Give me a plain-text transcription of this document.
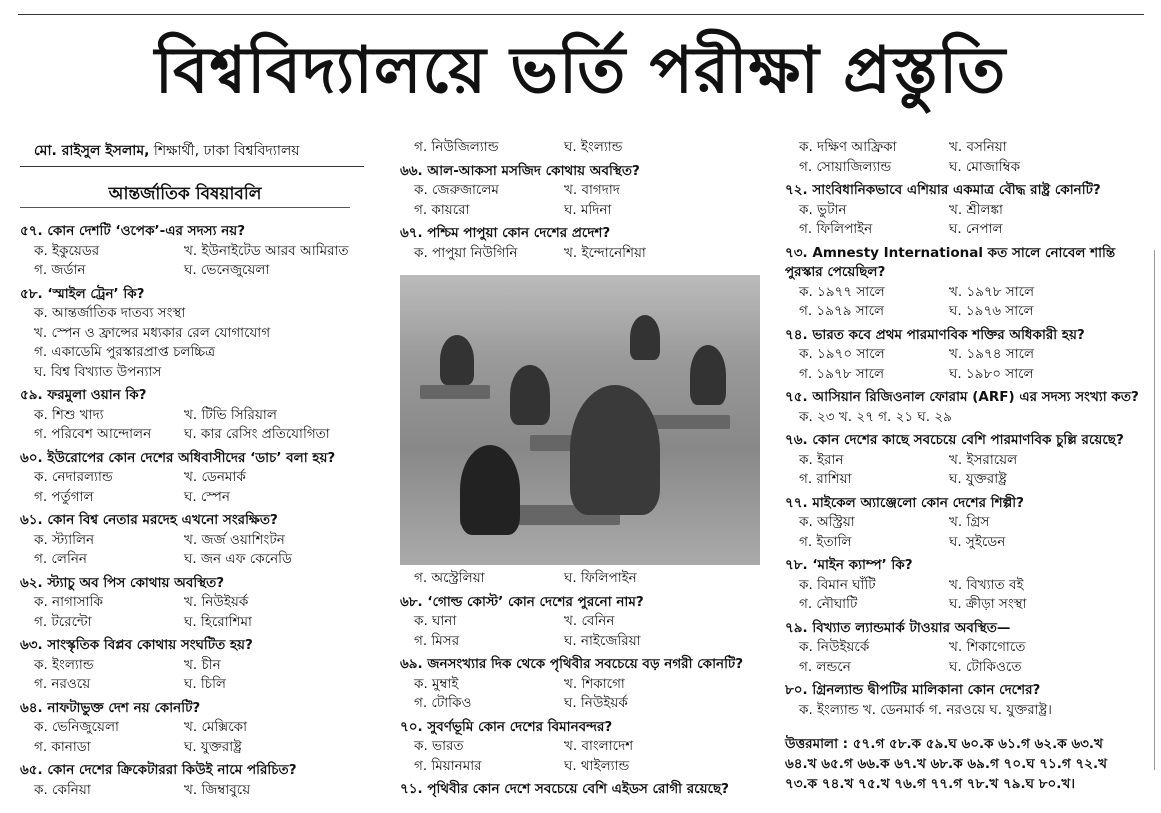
বিশ্ববিদ্যালয়ে ভর্তি পরীক্ষা প্রস্তুতি
মো. রাইসুল ইসলাম, শিক্ষার্থী, ঢাকা বিশ্ববিদ্যালয়
আন্তর্জাতিক বিষয়াবলি
৫৭. কোন দেশটি ‘ওপেক’-এর সদস্য নয়?
ক. ইকুয়েডর	খ. ইউনাইটেড আরব আমিরাত
গ. জর্ডান	ঘ. ভেনেজুয়েলা
৫৮. ‘স্মাইল ট্রেন’ কি?
ক. আন্তর্জাতিক দাতব্য সংস্থা
খ. স্পেন ও ফ্রান্সের মধ্যকার রেল যোগাযোগ
গ. একাডেমি পুরস্কারপ্রাপ্ত চলচ্চিত্র
ঘ. বিশ্ব বিখ্যাত উপন্যাস
৫৯. ফরমুলা ওয়ান কি?
ক. শিশু খাদ্য	খ. টিভি সিরিয়াল
গ. পরিবেশ আন্দোলন	ঘ. কার রেসিং প্রতিযোগিতা
৬০. ইউরোপের কোন দেশের অধিবাসীদের ‘ডাচ’ বলা হয়?
ক. নেদারল্যান্ড	খ. ডেনমার্ক
গ. পর্তুগাল	ঘ. স্পেন
৬১. কোন বিশ্ব নেতার মরদেহ এখনো সংরক্ষিত?
ক. স্ট্যালিন	খ. জর্জ ওয়াশিংটন
গ. লেনিন	ঘ. জন এফ কেনেডি
৬২. স্ট্যাচু অব পিস কোথায় অবস্থিত?
ক. নাগাসাকি	খ. নিউইয়র্ক
গ. টরেন্টো	ঘ. হিরোশিমা
৬৩. সাংস্কৃতিক বিপ্লব কোথায় সংঘটিত হয়?
ক. ইংল্যান্ড	খ. চীন
গ. নরওয়ে	ঘ. চিলি
৬৪. নাফটাভুক্ত দেশ নয় কোনটি?
ক. ভেনিজুয়েলা	খ. মেক্সিকো
গ. কানাডা	ঘ. যুক্তরাষ্ট্র
৬৫. কোন দেশের ক্রিকেটাররা কিউই নামে পরিচিত?
ক. কেনিয়া	খ. জিম্বাবুয়ে
গ. নিউজিল্যান্ড	ঘ. ইংল্যান্ড
৬৬. আল-আকসা মসজিদ কোথায় অবস্থিত?
ক. জেরুজালেম	খ. বাগদাদ
গ. কায়রো	ঘ. মদিনা
৬৭. পশ্চিম পাপুয়া কোন দেশের প্রদেশ?
ক. পাপুয়া নিউগিনি	খ. ইন্দোনেশিয়া
গ. অস্ট্রেলিয়া	ঘ. ফিলিপাইন
৬৮. ‘গোল্ড কোস্ট’ কোন দেশের পুরনো নাম?
ক. ঘানা	খ. বেনিন
গ. মিসর	ঘ. নাইজেরিয়া
৬৯. জনসংখ্যার দিক থেকে পৃথিবীর সবচেয়ে বড় নগরী কোনটি?
ক. মুম্বাই	খ. শিকাগো
গ. টোকিও	ঘ. নিউইয়র্ক
৭০. সুবর্ণভূমি কোন দেশের বিমানবন্দর?
ক. ভারত	খ. বাংলাদেশ
গ. মিয়ানমার	ঘ. থাইল্যান্ড
৭১. পৃথিবীর কোন দেশে সবচেয়ে বেশি এইডস রোগী রয়েছে?
ক. দক্ষিণ আফ্রিকা	খ. বসনিয়া
গ. সোয়াজিল্যান্ড	ঘ. মোজাম্বিক
৭২. সাংবিধানিকভাবে এশিয়ার একমাত্র বৌদ্ধ রাষ্ট্র কোনটি?
ক. ভুটান	খ. শ্রীলঙ্কা
গ. ফিলিপাইন	ঘ. নেপাল
৭৩. Amnesty International কত সালে নোবেল শান্তি পুরস্কার পেয়েছিল?
ক. ১৯৭৭ সালে	খ. ১৯৭৮ সালে
গ. ১৯৭৯ সালে	ঘ. ১৯৭৬ সালে
৭৪. ভারত কবে প্রথম পারমাণবিক শক্তির অধিকারী হয়?
ক. ১৯৭০ সালে	খ. ১৯৭৪ সালে
গ. ১৯৭৮ সালে	ঘ. ১৯৮০ সালে
৭৫. আসিয়ান রিজিওনাল ফোরাম (ARF) এর সদস্য সংখ্যা কত?
ক. ২৩ খ. ২৭ গ. ২১ ঘ. ২৯
৭৬. কোন দেশের কাছে সবচেয়ে বেশি পারমাণবিক চুল্লি রয়েছে?
ক. ইরান	খ. ইসরায়েল
গ. রাশিয়া	ঘ. যুক্তরাষ্ট্র
৭৭. মাইকেল অ্যাঞ্জেলো কোন দেশের শিল্পী?
ক. অস্ট্রিয়া	খ. গ্রিস
গ. ইতালি	ঘ. সুইডেন
৭৮. ‘মাইন ক্যাম্প’ কি?
ক. বিমান ঘাঁটি	খ. বিখ্যাত বই
গ. নৌঘাটি	ঘ. ক্রীড়া সংস্থা
৭৯. বিখ্যাত ল্যান্ডমার্ক টাওয়ার অবস্থিত—
ক. নিউইয়র্কে	খ. শিকাগোতে
গ. লন্ডনে	ঘ. টোকিওতে
৮০. গ্রিনল্যান্ড দ্বীপটির মালিকানা কোন দেশের?
ক. ইংল্যান্ড খ. ডেনমার্ক গ. নরওয়ে ঘ. যুক্তরাষ্ট্র।
উত্তরমালা : ৫৭.গ ৫৮.ক ৫৯.ঘ ৬০.ক ৬১.গ ৬২.ক ৬৩.খ
৬৪.খ ৬৫.গ ৬৬.ক ৬৭.খ ৬৮.ক ৬৯.গ ৭০.ঘ ৭১.গ ৭২.খ
৭৩.ক ৭৪.খ ৭৫.খ ৭৬.গ ৭৭.গ ৭৮.খ ৭৯.ঘ ৮০.খ।
